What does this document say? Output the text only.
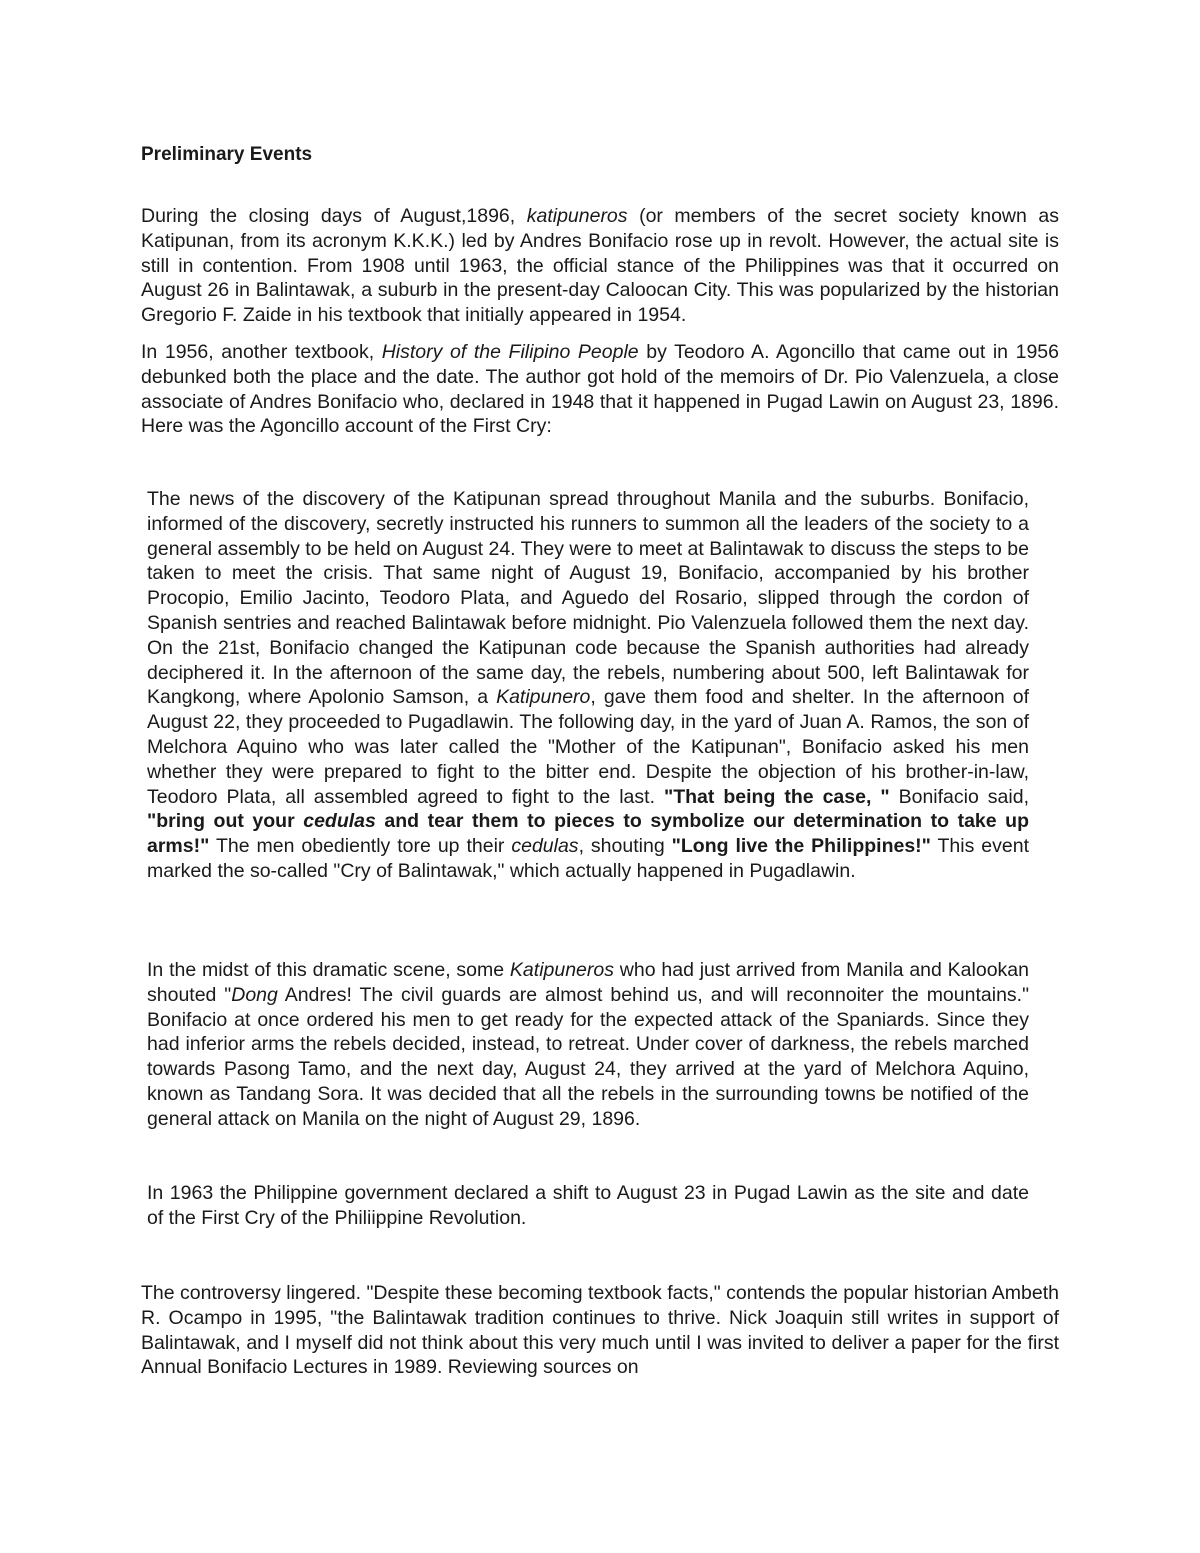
Preliminary Events

During the closing days of August,1896, katipuneros (or members of the secret society known as Katipunan, from its acronym K.K.K.) led by Andres Bonifacio rose up in revolt. However, the actual site is still in contention. From 1908 until 1963, the official stance of the Philippines was that it occurred on August 26 in Balintawak, a suburb in the present-day Caloocan City. This was popularized by the historian Gregorio F. Zaide in his textbook that initially appeared in 1954.

In 1956, another textbook, History of the Filipino People by Teodoro A. Agoncillo that came out in 1956 debunked both the place and the date. The author got hold of the memoirs of Dr. Pio Valenzuela, a close associate of Andres Bonifacio who, declared in 1948 that it happened in Pugad Lawin on August 23, 1896. Here was the Agoncillo account of the First Cry:

The news of the discovery of the Katipunan spread throughout Manila and the suburbs. Bonifacio, informed of the discovery, secretly instructed his runners to summon all the leaders of the society to a general assembly to be held on August 24. They were to meet at Balintawak to discuss the steps to be taken to meet the crisis. That same night of August 19, Bonifacio, accompanied by his brother Procopio, Emilio Jacinto, Teodoro Plata, and Aguedo del Rosario, slipped through the cordon of Spanish sentries and reached Balintawak before midnight. Pio Valenzuela followed them the next day. On the 21st, Bonifacio changed the Katipunan code because the Spanish authorities had already deciphered it. In the afternoon of the same day, the rebels, numbering about 500, left Balintawak for Kangkong, where Apolonio Samson, a Katipunero, gave them food and shelter. In the afternoon of August 22, they proceeded to Pugadlawin. The following day, in the yard of Juan A. Ramos, the son of Melchora Aquino who was later called the "Mother of the Katipunan", Bonifacio asked his men whether they were prepared to fight to the bitter end. Despite the objection of his brother-in-law, Teodoro Plata, all assembled agreed to fight to the last. "That being the case, " Bonifacio said, "bring out your cedulas and tear them to pieces to symbolize our determination to take up arms!" The men obediently tore up their cedulas, shouting "Long live the Philippines!" This event marked the so-called "Cry of Balintawak," which actually happened in Pugadlawin.

In the midst of this dramatic scene, some Katipuneros who had just arrived from Manila and Kalookan shouted "Dong Andres! The civil guards are almost behind us, and will reconnoiter the mountains." Bonifacio at once ordered his men to get ready for the expected attack of the Spaniards. Since they had inferior arms the rebels decided, instead, to retreat. Under cover of darkness, the rebels marched towards Pasong Tamo, and the next day, August 24, they arrived at the yard of Melchora Aquino, known as Tandang Sora. It was decided that all the rebels in the surrounding towns be notified of the general attack on Manila on the night of August 29, 1896.

In 1963 the Philippine government declared a shift to August 23 in Pugad Lawin as the site and date of the First Cry of the Philiippine Revolution.

The controversy lingered. "Despite these becoming textbook facts," contends the popular historian Ambeth R. Ocampo in 1995, "the Balintawak tradition continues to thrive. Nick Joaquin still writes in support of Balintawak, and I myself did not think about this very much until I was invited to deliver a paper for the first Annual Bonifacio Lectures in 1989. Reviewing sources on
